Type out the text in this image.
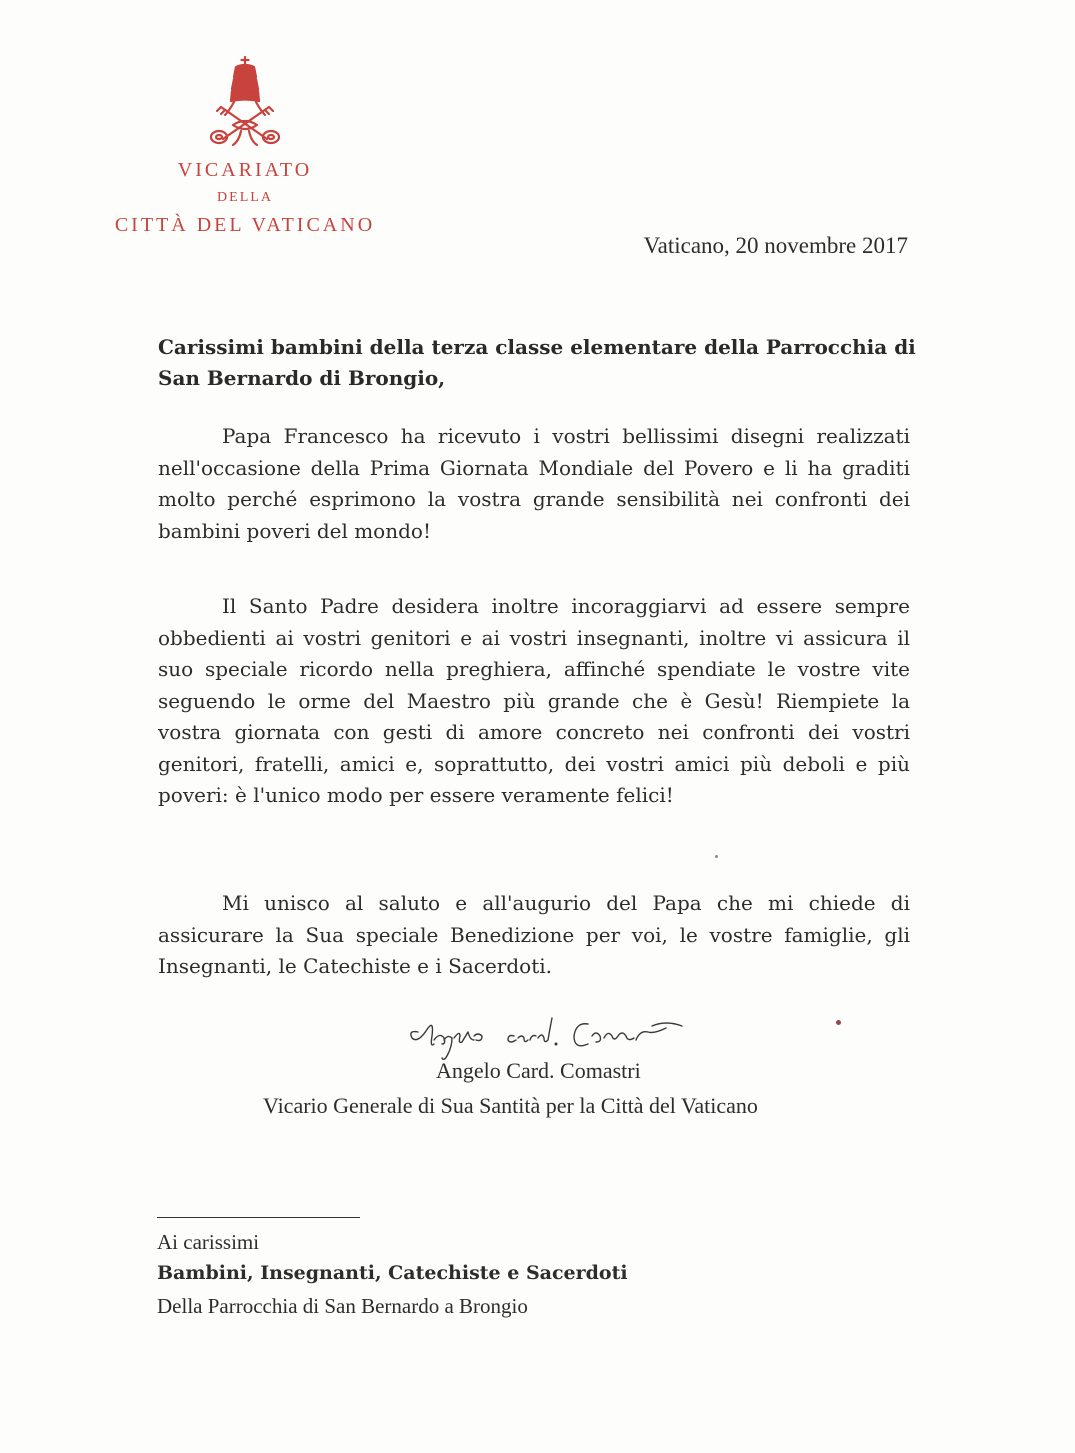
VICARIATO
DELLA
CITTÀ DEL VATICANO
Vaticano, 20 novembre 2017
Carissimi bambini della terza classe elementare della Parrocchia di San Bernardo di Brongio,
Papa Francesco ha ricevuto i vostri bellissimi disegni realizzati nell'occasione della Prima Giornata Mondiale del Povero e li ha graditi molto perché esprimono la vostra grande sensibilità nei confronti dei bambini poveri del mondo!
Il Santo Padre desidera inoltre incoraggiarvi ad essere sempre obbedienti ai vostri genitori e ai vostri insegnanti, inoltre vi assicura il suo speciale ricordo nella preghiera, affinché spendiate le vostre vite seguendo le orme del Maestro più grande che è Gesù! Riempiete la vostra giornata con gesti di amore concreto nei confronti dei vostri genitori, fratelli, amici e, soprattutto, dei vostri amici più deboli e più poveri: è l'unico modo per essere veramente felici!
Mi unisco al saluto e all'augurio del Papa che mi chiede di assicurare la Sua speciale Benedizione per voi, le vostre famiglie, gli Insegnanti, le Catechiste e i Sacerdoti.
Angelo Card. Comastri
Vicario Generale di Sua Santità per la Città del Vaticano
Ai carissimi
Bambini, Insegnanti, Catechiste e Sacerdoti
Della Parrocchia di San Bernardo a Brongio
